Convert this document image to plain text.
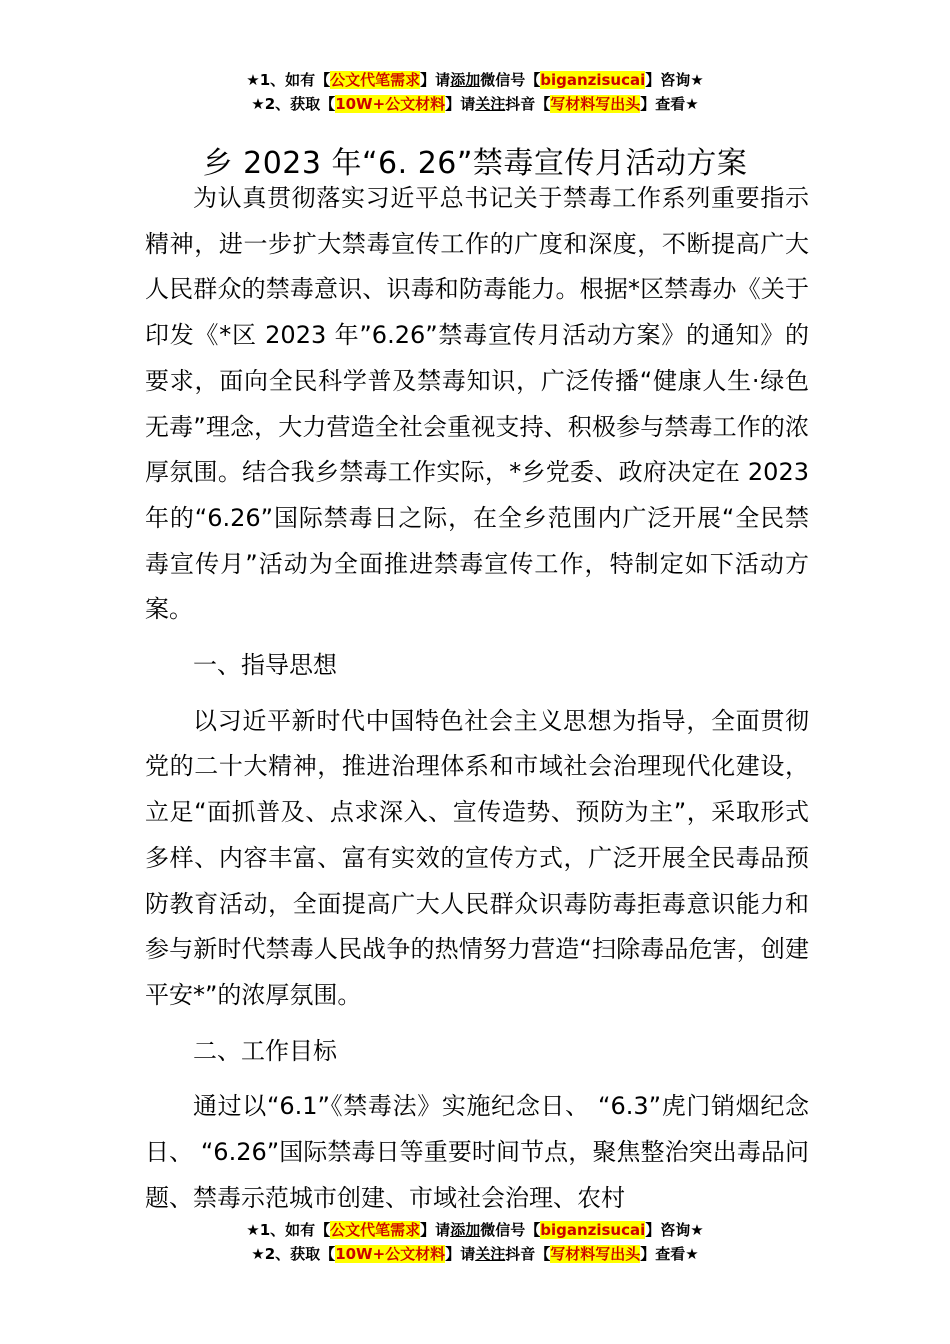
★1、如有【公文代笔需求】请添加微信号【biganzisucai】咨询★
★2、获取【10W+公文材料】请关注抖音【写材料写出头】查看★
乡 2023 年“6. 26”禁毒宣传月活动方案

为认真贯彻落实习近平总书记关于禁毒工作系列重要指示精神，进一步扩大禁毒宣传工作的广度和深度，不断提高广大人民群众的禁毒意识、识毒和防毒能力。根据*区禁毒办《关于印发《*区 2023 年”6.26”禁毒宣传月活动方案》的通知》的要求，面向全民科学普及禁毒知识，广泛传播“健康人生·绿色无毒”理念，大力营造全社会重视支持、积极参与禁毒工作的浓厚氛围。结合我乡禁毒工作实际，*乡党委、政府决定在 2023 年的“6.26”国际禁毒日之际，在全乡范围内广泛开展“全民禁毒宣传月”活动为全面推进禁毒宣传工作，特制定如下活动方案。

一、指导思想

以习近平新时代中国特色社会主义思想为指导，全面贯彻党的二十大精神，推进治理体系和市域社会治理现代化建设，立足“面抓普及、点求深入、宣传造势、预防为主”，采取形式多样、内容丰富、富有实效的宣传方式，广泛开展全民毒品预防教育活动，全面提高广大人民群众识毒防毒拒毒意识能力和参与新时代禁毒人民战争的热情努力营造“扫除毒品危害，创建平安*”的浓厚氛围。

二、工作目标

通过以“6.1”《禁毒法》实施纪念日、 “6.3”虎门销烟纪念日、 “6.26”国际禁毒日等重要时间节点，聚焦整治突出毒品问题、禁毒示范城市创建、市域社会治理、农村

★1、如有【公文代笔需求】请添加微信号【biganzisucai】咨询★
★2、获取【10W+公文材料】请关注抖音【写材料写出头】查看★
